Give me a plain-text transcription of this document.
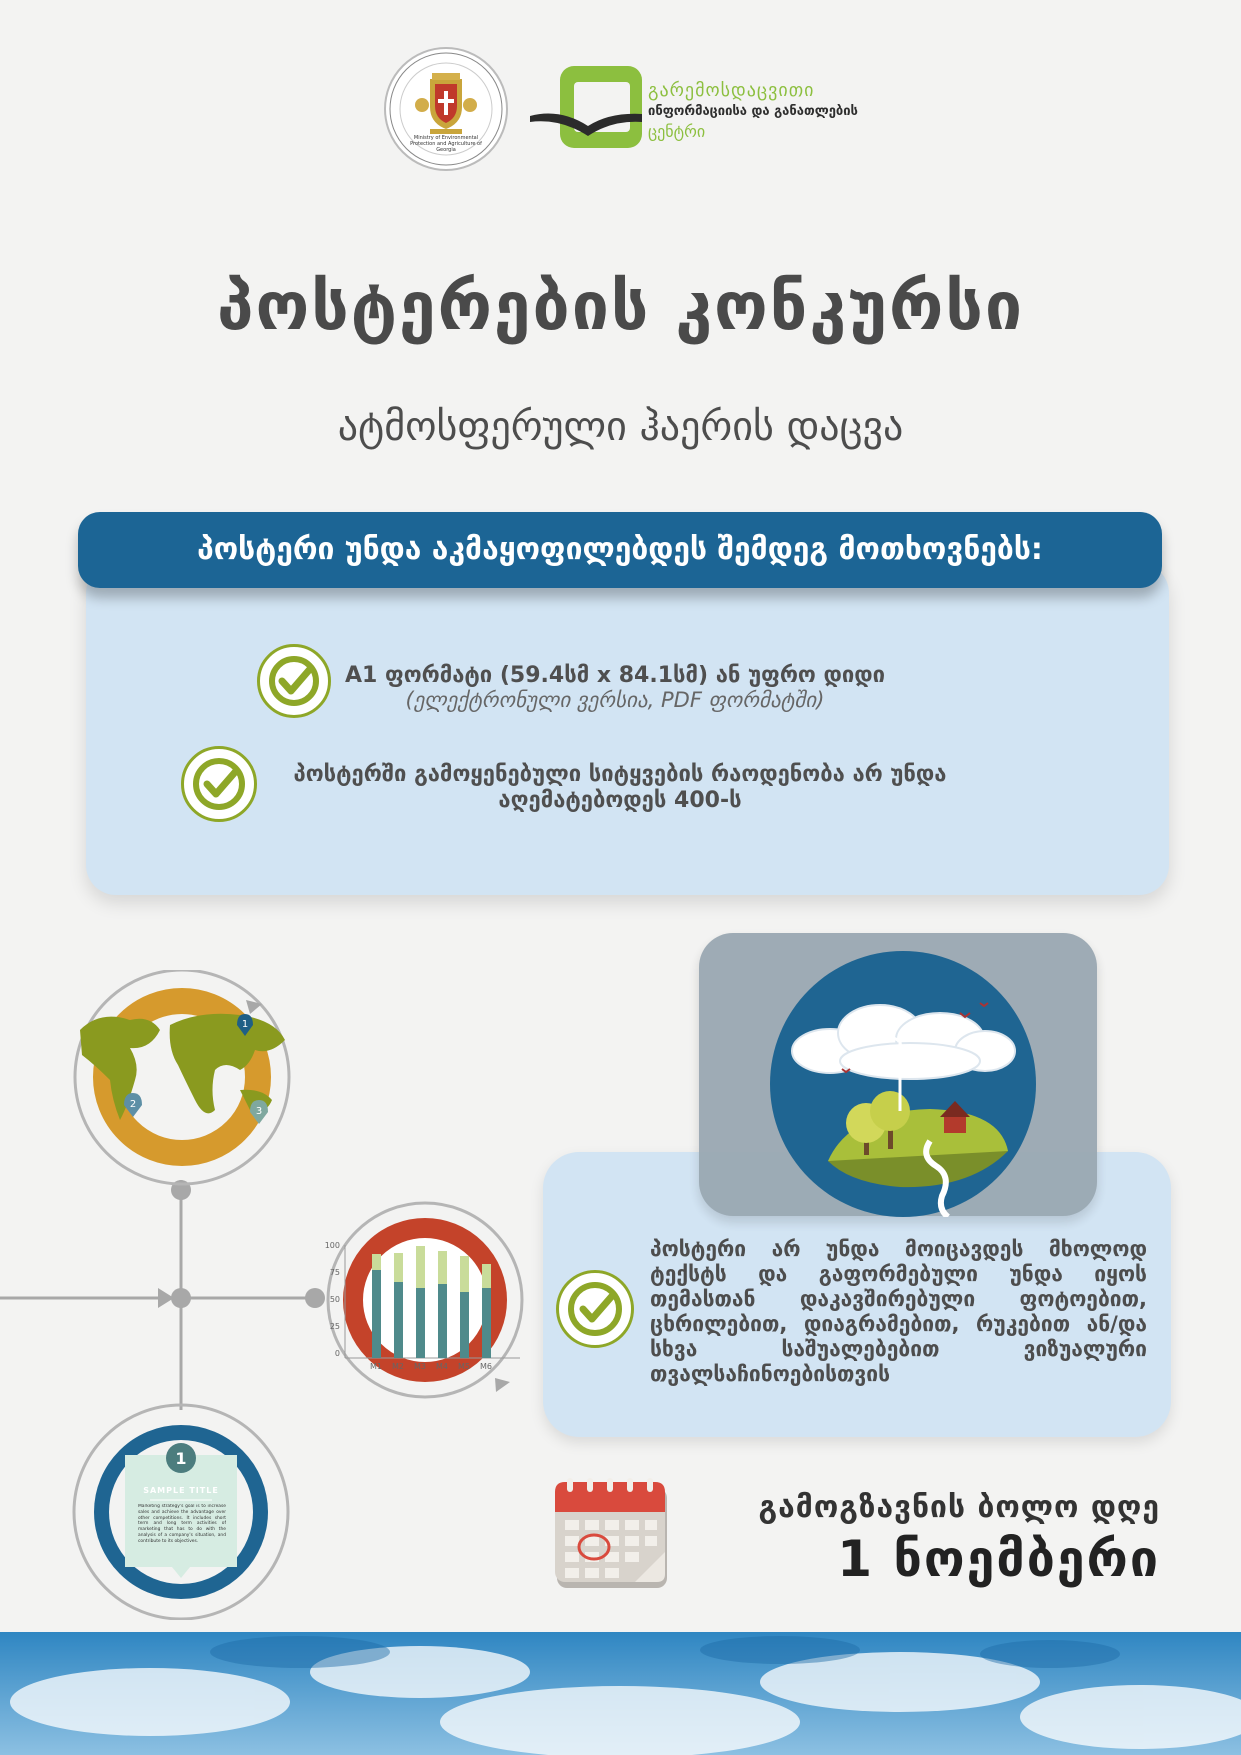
Ministry of Environmental Protection and Agriculture of Georgia
გარემოსდაცვითი
ინფორმაციისა და განათლების
ცენტრი
პოსტერების კონკურსი
ატმოსფერული ჰაერის დაცვა
პოსტერი უნდა აკმაყოფილებდეს შემდეგ მოთხოვნებს:
A1 ფორმატი (59.4სმ x 84.1სმ) ან უფრო დიდი
(ელექტრონული ვერსია, PDF ფორმატში)
პოსტერში გამოყენებული სიტყვების რაოდენობა არ უნდა
აღემატებოდეს 400-ს
1
2
3
100
75
50
25
0
M1 M2 M3 M4 M5 M6
1
SAMPLE TITLE
Marketing strategy's goal is to increase sales and achieve the advantage over other competitions. It includes short term and long term activities of marketing that has to do with the analysis of a company's situation, and contribute to its objectives.
პოსტერი არ უნდა მოიცავდეს მხოლოდ ტექსტს და გაფორმებული უნდა იყოს თემასთან დაკავშირებული ფოტოებით, ცხრილებით, დიაგრამებით, რუკებით ან/და სხვა საშუალებებით ვიზუალური თვალსაჩინოებისთვის
გამოგზავნის ბოლო დღე
1 ნოემბერი
